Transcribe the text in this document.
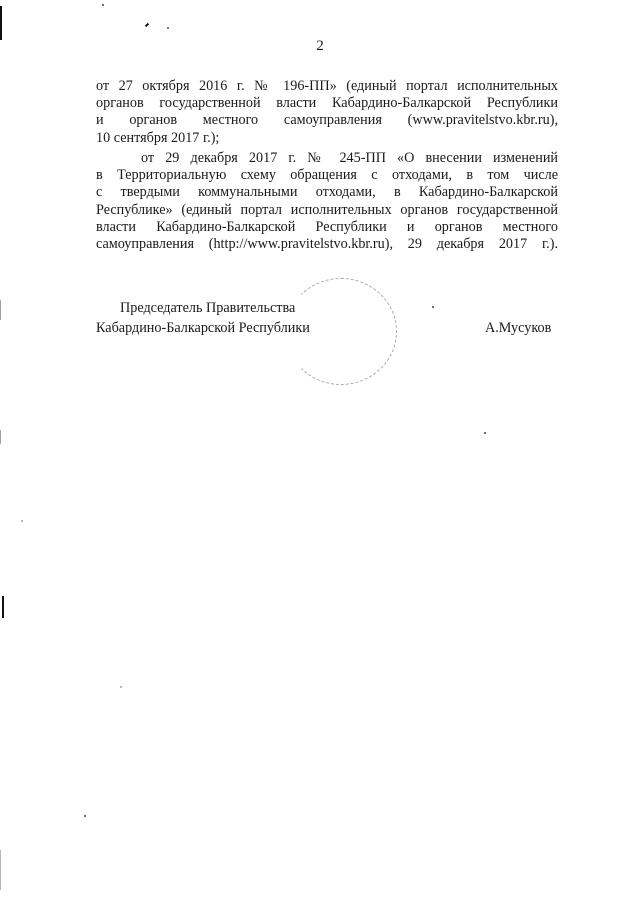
2
от 27 октября 2016 г. № 196-ПП» (единый портал исполнительных
органов государственной власти Кабардино-Балкарской Республики
и органов местного самоуправления (www.pravitelstvo.kbr.ru),
10 сентября 2017 г.);
от 29 декабря 2017 г. № 245-ПП «О внесении изменений
в Территориальную схему обращения с отходами, в том числе
с твердыми коммунальными отходами, в Кабардино-Балкарской
Республике» (единый портал исполнительных органов государственной
власти Кабардино-Балкарской Республики и органов местного
самоуправления (http://www.pravitelstvo.kbr.ru), 29 декабря 2017 г.).
Председатель Правительства
Кабардино-Балкарской Республики	А.Мусуков
